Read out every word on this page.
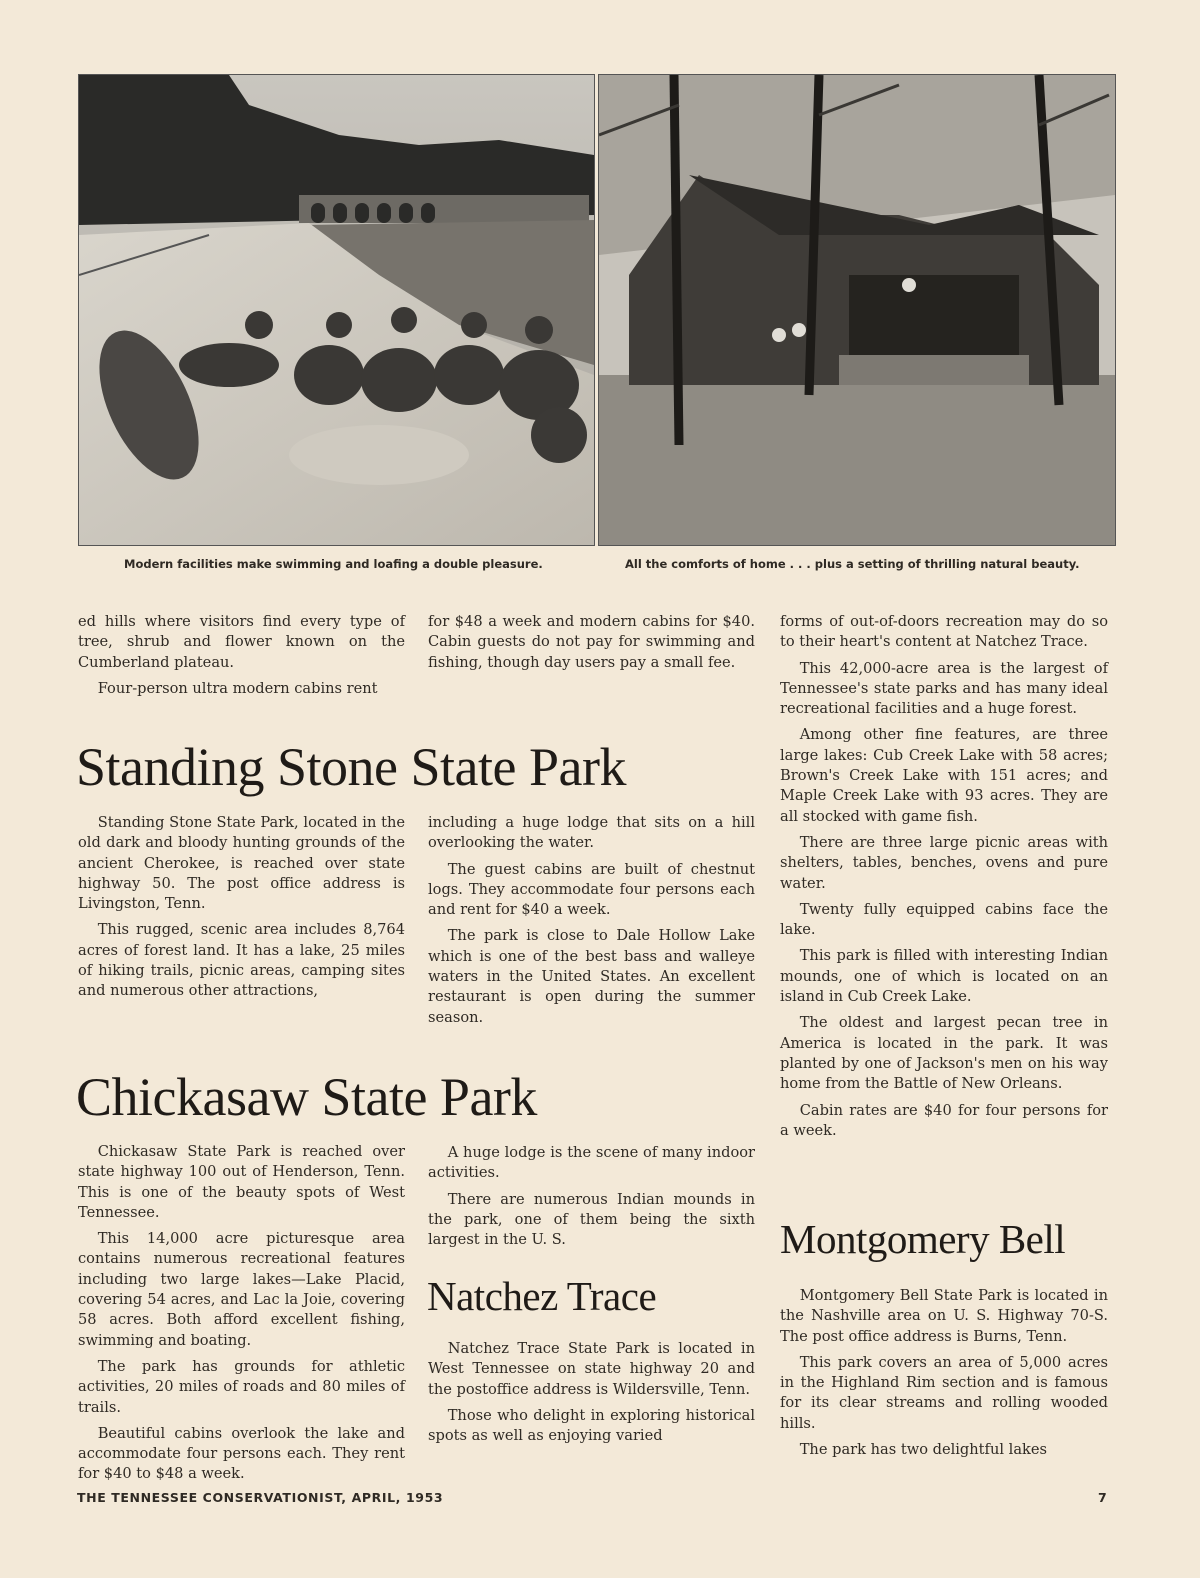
Modern facilities make swimming and loafing a double pleasure.	All the comforts of home . . . plus a setting of thrilling natural beauty.

ed hills where visitors find every type of tree, shrub and flower known on the Cumberland plateau.

Four-person ultra modern cabins rent

for $48 a week and modern cabins for $40. Cabin guests do not pay for swimming and fishing, though day users pay a small fee.

Standing Stone State Park

Standing Stone State Park, located in the old dark and bloody hunting grounds of the ancient Cherokee, is reached over state highway 50. The post office address is Livingston, Tenn.

This rugged, scenic area includes 8,764 acres of forest land. It has a lake, 25 miles of hiking trails, picnic areas, camping sites and numerous other attractions,

including a huge lodge that sits on a hill overlooking the water.

The guest cabins are built of chestnut logs. They accommodate four persons each and rent for $40 a week.

The park is close to Dale Hollow Lake which is one of the best bass and walleye waters in the United States. An excellent restaurant is open during the summer season.

Chickasaw State Park

Chickasaw State Park is reached over state highway 100 out of Henderson, Tenn. This is one of the beauty spots of West Tennessee.

This 14,000 acre picturesque area contains numerous recreational features including two large lakes—Lake Placid, covering 54 acres, and Lac la Joie, covering 58 acres. Both afford excellent fishing, swimming and boating.

The park has grounds for athletic activities, 20 miles of roads and 80 miles of trails.

Beautiful cabins overlook the lake and accommodate four persons each. They rent for $40 to $48 a week.

A huge lodge is the scene of many indoor activities.

There are numerous Indian mounds in the park, one of them being the sixth largest in the U. S.

Natchez Trace

Natchez Trace State Park is located in West Tennessee on state highway 20 and the postoffice address is Wildersville, Tenn.

Those who delight in exploring historical spots as well as enjoying varied

forms of out-of-doors recreation may do so to their heart's content at Natchez Trace.

This 42,000-acre area is the largest of Tennessee's state parks and has many ideal recreational facilities and a huge forest.

Among other fine features, are three large lakes: Cub Creek Lake with 58 acres; Brown's Creek Lake with 151 acres; and Maple Creek Lake with 93 acres. They are all stocked with game fish.

There are three large picnic areas with shelters, tables, benches, ovens and pure water.

Twenty fully equipped cabins face the lake.

This park is filled with interesting Indian mounds, one of which is located on an island in Cub Creek Lake.

The oldest and largest pecan tree in America is located in the park. It was planted by one of Jackson's men on his way home from the Battle of New Orleans.

Cabin rates are $40 for four persons for a week.

Montgomery Bell

Montgomery Bell State Park is located in the Nashville area on U. S. Highway 70-S. The post office address is Burns, Tenn.

This park covers an area of 5,000 acres in the Highland Rim section and is famous for its clear streams and rolling wooded hills.

The park has two delightful lakes

THE TENNESSEE CONSERVATIONIST, APRIL, 1953	7
